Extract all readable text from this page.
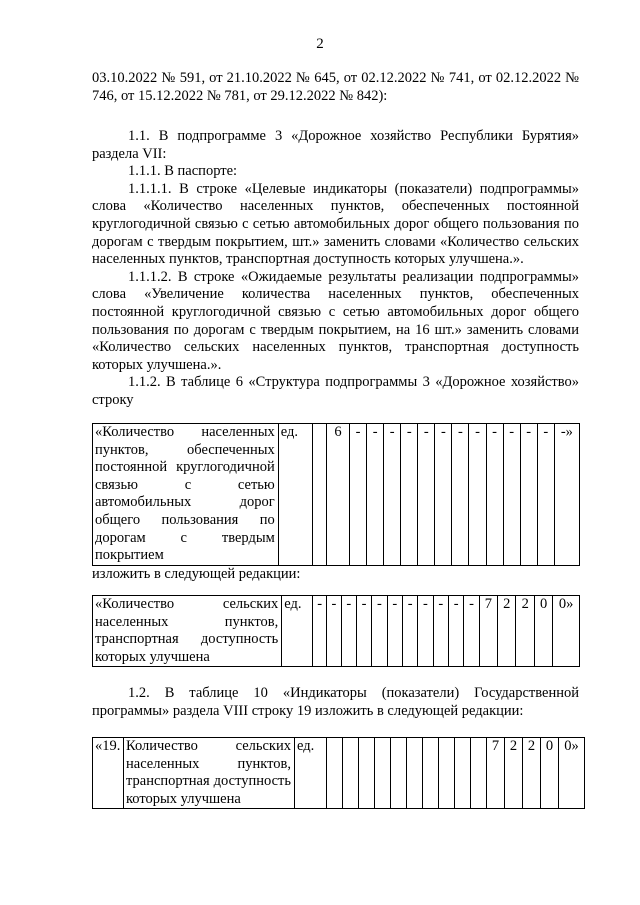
2

03.10.2022 № 591, от 21.10.2022 № 645, от 02.12.2022 № 741, от 02.12.2022 № 746, от 15.12.2022 № 781, от 29.12.2022 № 842):

1.1. В подпрограмме 3 «Дорожное хозяйство Республики Бурятия» раздела VII:

1.1.1. В паспорте:

1.1.1.1. В строке «Целевые индикаторы (показатели) подпрограммы» слова «Количество населенных пунктов, обеспеченных постоянной круглогодичной связью с сетью автомобильных дорог общего пользования по дорогам с твердым покрытием, шт.» заменить словами «Количество сельских населенных пунктов, транспортная доступность которых улучшена.».

1.1.1.2. В строке «Ожидаемые результаты реализации подпрограммы» слова «Увеличение количества населенных пунктов, обеспеченных постоянной круглогодичной связью с сетью автомобильных дорог общего пользования по дорогам с твердым покрытием, на 16 шт.» заменить словами «Количество сельских населенных пунктов, транспортная доступность которых улучшена.».

1.1.2. В таблице 6 «Структура подпрограммы 3 «Дорожное хозяйство» строку

«Количество населенных пунктов, обеспеченных постоянной круглогодичной связью с сетью автомобильных дорог общего пользования по дорогам с твердым покрытием	ед.		6	-	-	-	-	-	-	-	-	-	-	-	-	-»

изложить в следующей редакции:

«Количество сельских населенных пунктов, транспортная доступность которых улучшена	ед.	-	-	-	-	-	-	-	-	-	-	-	7	2	2	0	0»

1.2. В таблице 10 «Индикаторы (показатели) Государственной программы» раздела VIII строку 19 изложить в следующей редакции:

«19.	Количество сельских населенных пунктов, транспортная доступность которых улучшена	ед.											7	2	2	0	0»
